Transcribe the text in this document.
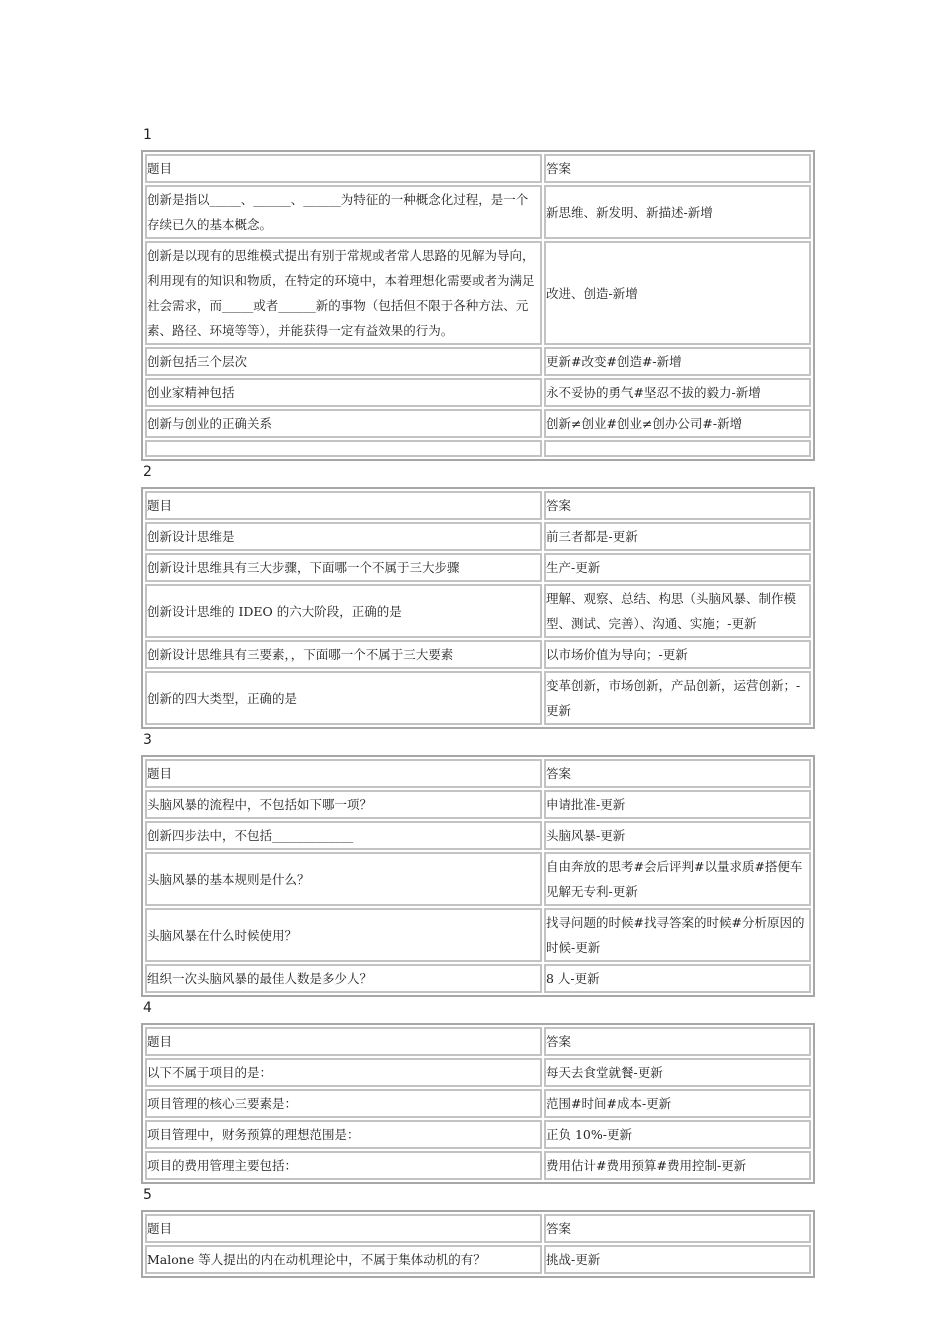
1
题目	答案
创新是指以_____、______、______为特征的一种概念化过程，是一个存续已久的基本概念。	新思维、新发明、新描述-新增
创新是以现有的思维模式提出有别于常规或者常人思路的见解为导向，利用现有的知识和物质，在特定的环境中，本着理想化需要或者为满足社会需求，而_____或者______新的事物（包括但不限于各种方法、元素、路径、环境等等），并能获得一定有益效果的行为。	改进、创造-新增
创新包括三个层次	更新#改变#创造#-新增
创业家精神包括	永不妥协的勇气#坚忍不拔的毅力-新增
创新与创业的正确关系	创新≠创业#创业≠创办公司#-新增

2
题目	答案
创新设计思维是	前三者都是-更新
创新设计思维具有三大步骤，下面哪一个不属于三大步骤	生产-更新
创新设计思维的 IDEO 的六大阶段，正确的是	理解、观察、总结、构思（头脑风暴、制作模型、测试、完善）、沟通、实施；-更新
创新设计思维具有三要素，，下面哪一个不属于三大要素	以市场价值为导向；-更新
创新的四大类型，正确的是	变革创新，市场创新，产品创新，运营创新；-更新
3
题目	答案
头脑风暴的流程中，不包括如下哪一项？	申请批准-更新
创新四步法中，不包括_____________	头脑风暴-更新
头脑风暴的基本规则是什么？	自由奔放的思考#会后评判#以量求质#搭便车见解无专利-更新
头脑风暴在什么时候使用？	找寻问题的时候#找寻答案的时候#分析原因的时候-更新
组织一次头脑风暴的最佳人数是多少人？	8 人-更新
4
题目	答案
以下不属于项目的是：	每天去食堂就餐-更新
项目管理的核心三要素是：	范围#时间#成本-更新
项目管理中，财务预算的理想范围是：	正负 10%-更新
项目的费用管理主要包括：	费用估计#费用预算#费用控制-更新
5
题目	答案
Malone 等人提出的内在动机理论中，不属于集体动机的有？	挑战-更新
